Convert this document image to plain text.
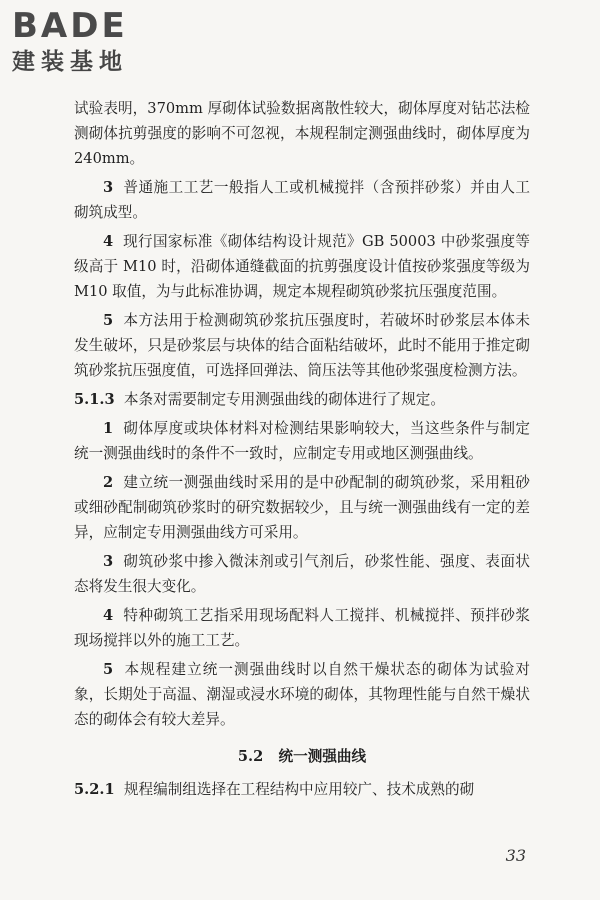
BADE
建装基地

试验表明，370mm 厚砌体试验数据离散性较大，砌体厚度对钻芯法检测砌体抗剪强度的影响不可忽视，本规程制定测强曲线时，砌体厚度为 240mm。

3 普通施工工艺一般指人工或机械搅拌（含预拌砂浆）并由人工砌筑成型。

4 现行国家标准《砌体结构设计规范》GB 50003 中砂浆强度等级高于 M10 时，沿砌体通缝截面的抗剪强度设计值按砂浆强度等级为 M10 取值，为与此标准协调，规定本规程砌筑砂浆抗压强度范围。

5 本方法用于检测砌筑砂浆抗压强度时，若破坏时砂浆层本体未发生破坏，只是砂浆层与块体的结合面粘结破坏，此时不能用于推定砌筑砂浆抗压强度值，可选择回弹法、筒压法等其他砂浆强度检测方法。

5.1.3 本条对需要制定专用测强曲线的砌体进行了规定。

1 砌体厚度或块体材料对检测结果影响较大，当这些条件与制定统一测强曲线时的条件不一致时，应制定专用或地区测强曲线。

2 建立统一测强曲线时采用的是中砂配制的砌筑砂浆，采用粗砂或细砂配制砌筑砂浆时的研究数据较少，且与统一测强曲线有一定的差异，应制定专用测强曲线方可采用。

3 砌筑砂浆中掺入微沫剂或引气剂后，砂浆性能、强度、表面状态将发生很大变化。

4 特种砌筑工艺指采用现场配料人工搅拌、机械搅拌、预拌砂浆现场搅拌以外的施工工艺。

5 本规程建立统一测强曲线时以自然干燥状态的砌体为试验对象，长期处于高温、潮湿或浸水环境的砌体，其物理性能与自然干燥状态的砌体会有较大差异。

5.2 统一测强曲线

5.2.1 规程编制组选择在工程结构中应用较广、技术成熟的砌

33
